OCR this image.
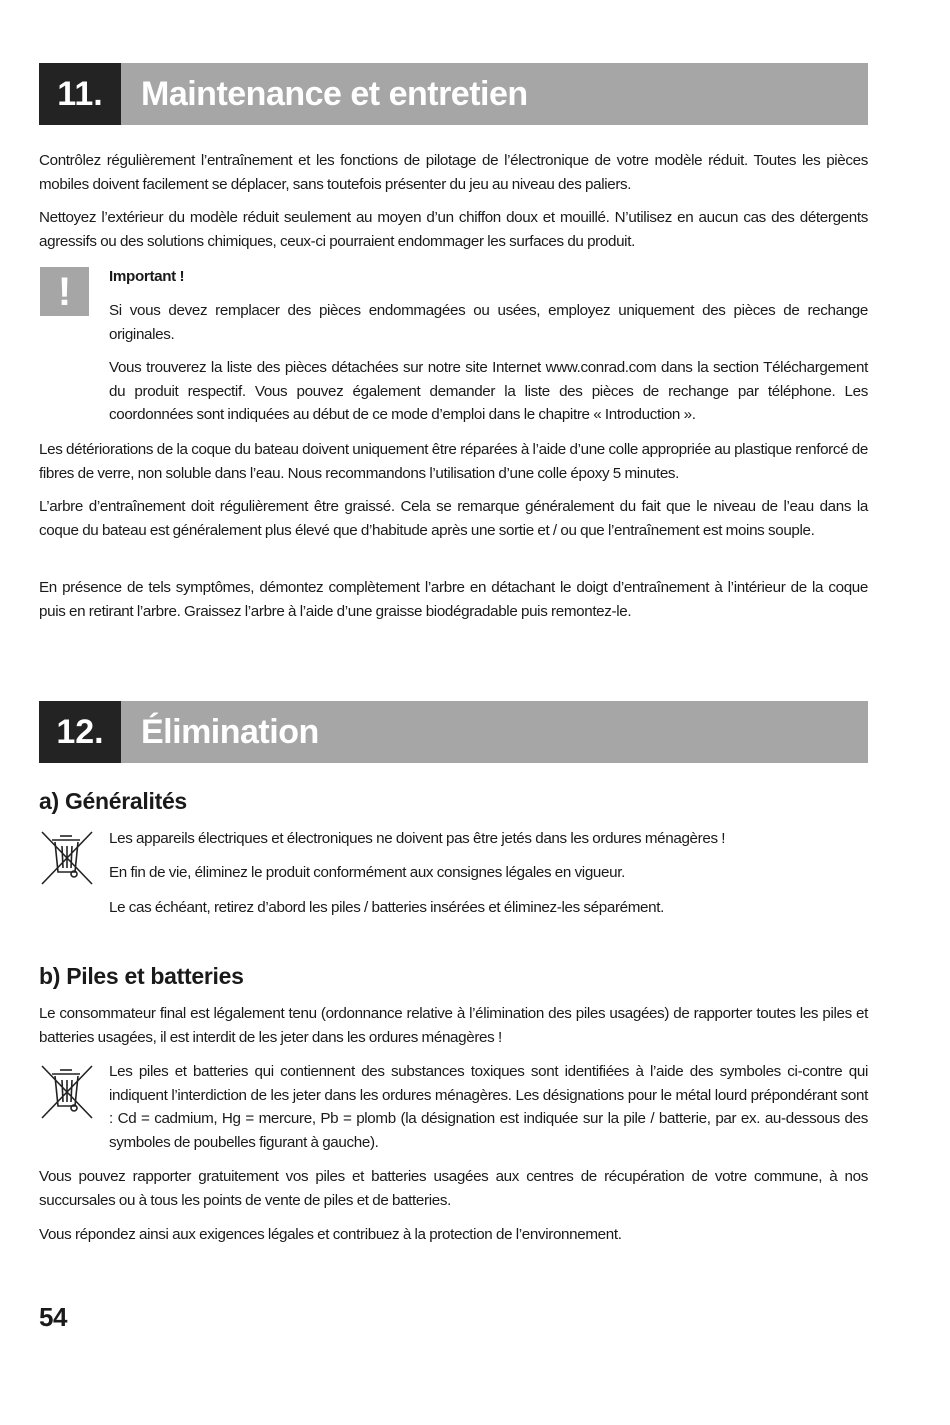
11.	Maintenance et entretien

Contrôlez régulièrement l’entraînement et les fonctions de pilotage de l’électronique de votre modèle réduit. Toutes les pièces mobiles doivent facilement se déplacer, sans toutefois présenter du jeu au niveau des paliers.

Nettoyez l’extérieur du modèle réduit seulement au moyen d’un chiffon doux et mouillé. N’utilisez en aucun cas des détergents agressifs ou des solutions chimiques, ceux-ci pourraient endommager les surfaces du produit.

! Important !

Si vous devez remplacer des pièces endommagées ou usées, employez uniquement des pièces de rechange originales.

Vous trouverez la liste des pièces détachées sur notre site Internet www.conrad.com dans la section Téléchargement du produit respectif. Vous pouvez également demander la liste des pièces de rechange par téléphone. Les coordonnées sont indiquées au début de ce mode d’emploi dans le chapitre « Introduction ».

Les détériorations de la coque du bateau doivent uniquement être réparées à l’aide d’une colle appropriée au plastique renforcé de fibres de verre, non soluble dans l’eau. Nous recommandons l’utilisation d’une colle époxy 5 minutes.

L’arbre d’entraînement doit régulièrement être graissé. Cela se remarque généralement du fait que le niveau de l’eau dans la coque du bateau est généralement plus élevé que d’habitude après une sortie et / ou que l’entraînement est moins souple.

En présence de tels symptômes, démontez complètement l’arbre en détachant le doigt d’entraînement à l’intérieur de la coque puis en retirant l’arbre. Graissez l’arbre à l’aide d’une graisse biodégradable puis remontez-le.

12.	Élimination
a) Généralités

Les appareils électriques et électroniques ne doivent pas être jetés dans les ordures ménagères !

En fin de vie, éliminez le produit conformément aux consignes légales en vigueur.

Le cas échéant, retirez d’abord les piles / batteries insérées et éliminez-les séparément.

b) Piles et batteries

Le consommateur final est légalement tenu (ordonnance relative à l’élimination des piles usagées) de rapporter toutes les piles et batteries usagées, il est interdit de les jeter dans les ordures ménagères !

Les piles et batteries qui contiennent des substances toxiques sont identifiées à l’aide des symboles ci-contre qui indiquent l’interdiction de les jeter dans les ordures ménagères. Les désignations pour le métal lourd prépondérant sont : Cd = cadmium, Hg = mercure, Pb = plomb (la désignation est indiquée sur la pile / batterie, par ex. au-dessous des symboles de poubelles figurant à gauche).

Vous pouvez rapporter gratuitement vos piles et batteries usagées aux centres de récupération de votre commune, à nos succursales ou à tous les points de vente de piles et de batteries.

Vous répondez ainsi aux exigences légales et contribuez à la protection de l’environnement.

54
